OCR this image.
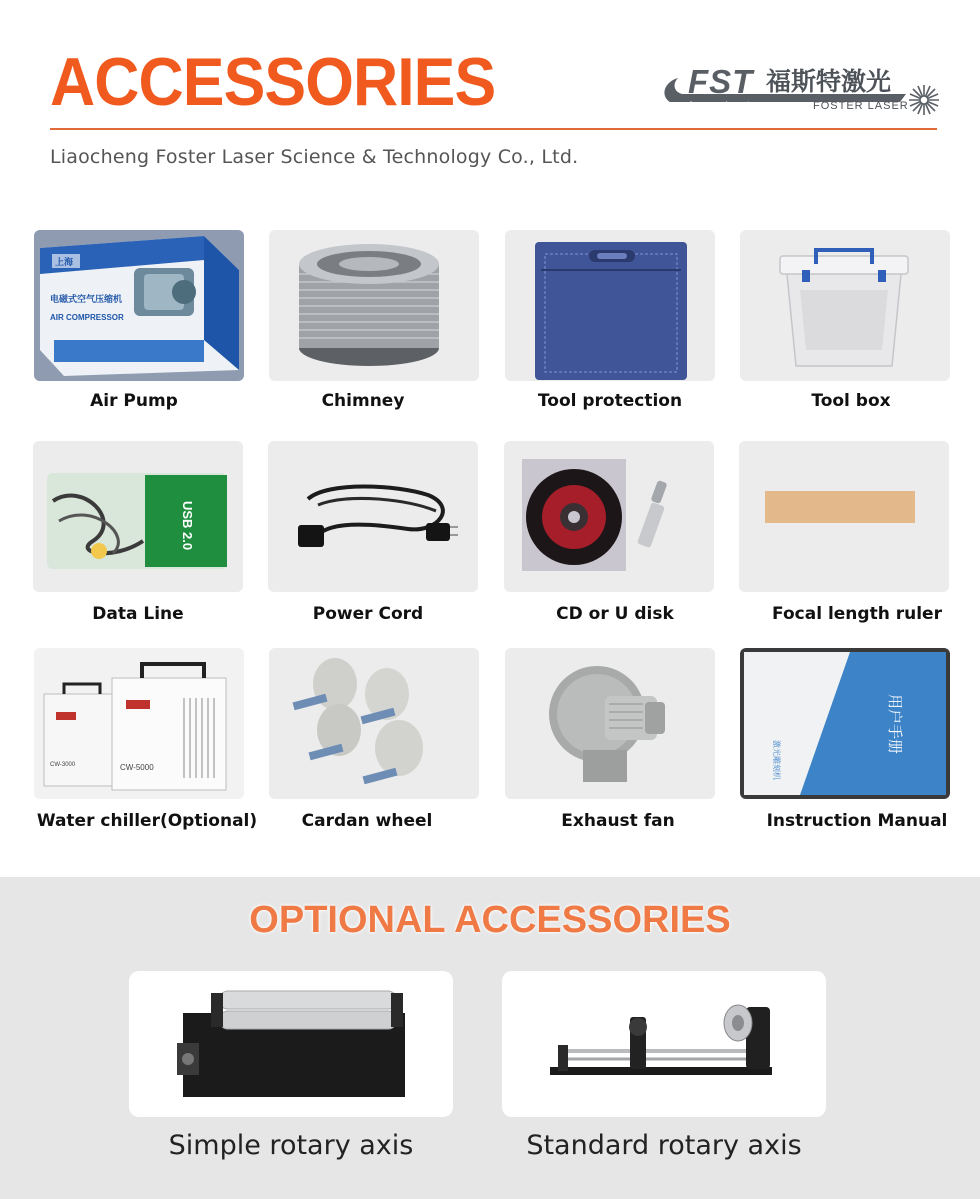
ACCESSORIES	FST 福斯特激光
Laser equipment	FOSTER LASER
Liaocheng Foster Laser Science & Technology Co., Ltd.
上海
电磁式空气压缩机
AIR COMPRESSOR
Air Pump	Chimney	Tool protection	Tool box
USB 2.0
Data Line	Power Cord	CD or U disk	Focal length ruler
CW-3000	CW-5000
Water chiller(Optional)	Cardan wheel	Exhaust fan
用户手册
激光雕刻机
Instruction Manual
OPTIONAL ACCESSORIES
Simple rotary axis	Standard rotary axis
